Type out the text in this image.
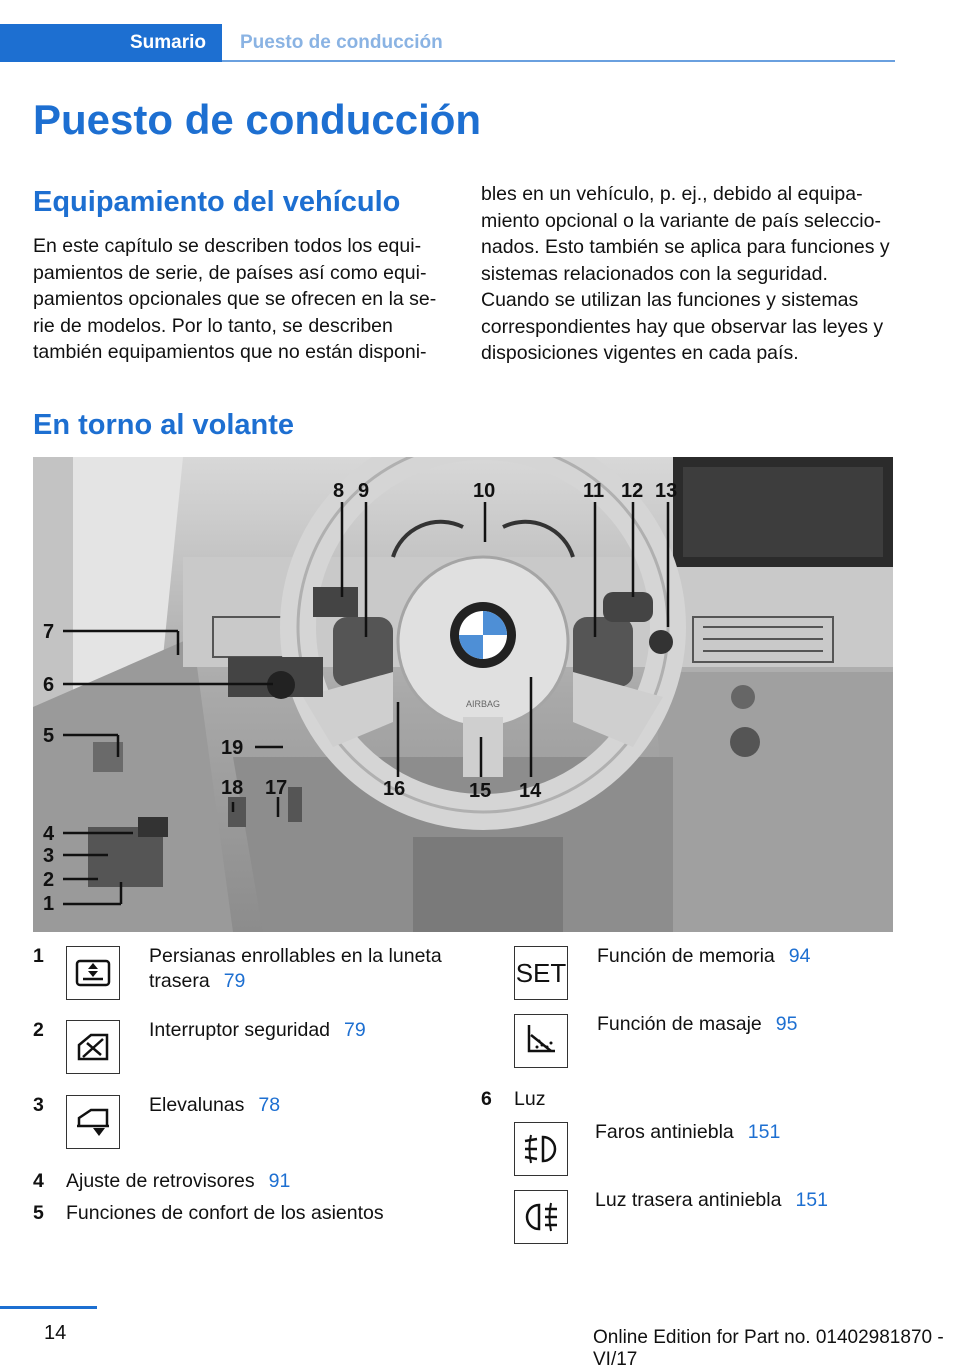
Sumario Puesto de conducción
Puesto de conducción
Equipamiento del vehículo
En este capítulo se describen todos los equi-
pamientos de serie, de países así como equi-
pamientos opcionales que se ofrecen en la se-
rie de modelos. Por lo tanto, se describen
también equipamientos que no están disponi-
bles en un vehículo, p. ej., debido al equipa-
miento opcional o la variante de país seleccio-
nados. Esto también se aplica para funciones y
sistemas relacionados con la seguridad.
Cuando se utilizan las funciones y sistemas
correspondientes hay que observar las leyes y
disposiciones vigentes en cada país.
En torno al volante
AIRBAG
7
6
5
4
3
2
1
8 9	10	11 12 13
14
15
16
17
18
19
1	Persianas enrollables en la luneta
trasera 79
2	Interruptor seguridad 79
3	Elevalunas 78
4 Ajuste de retrovisores 91
5 Funciones de confort de los asientos
SET
Función de memoria 94
Función de masaje 95
6 Luz
Faros antiniebla 151
Luz trasera antiniebla 151
14	Online Edition for Part no. 01402981870 - VI/17
